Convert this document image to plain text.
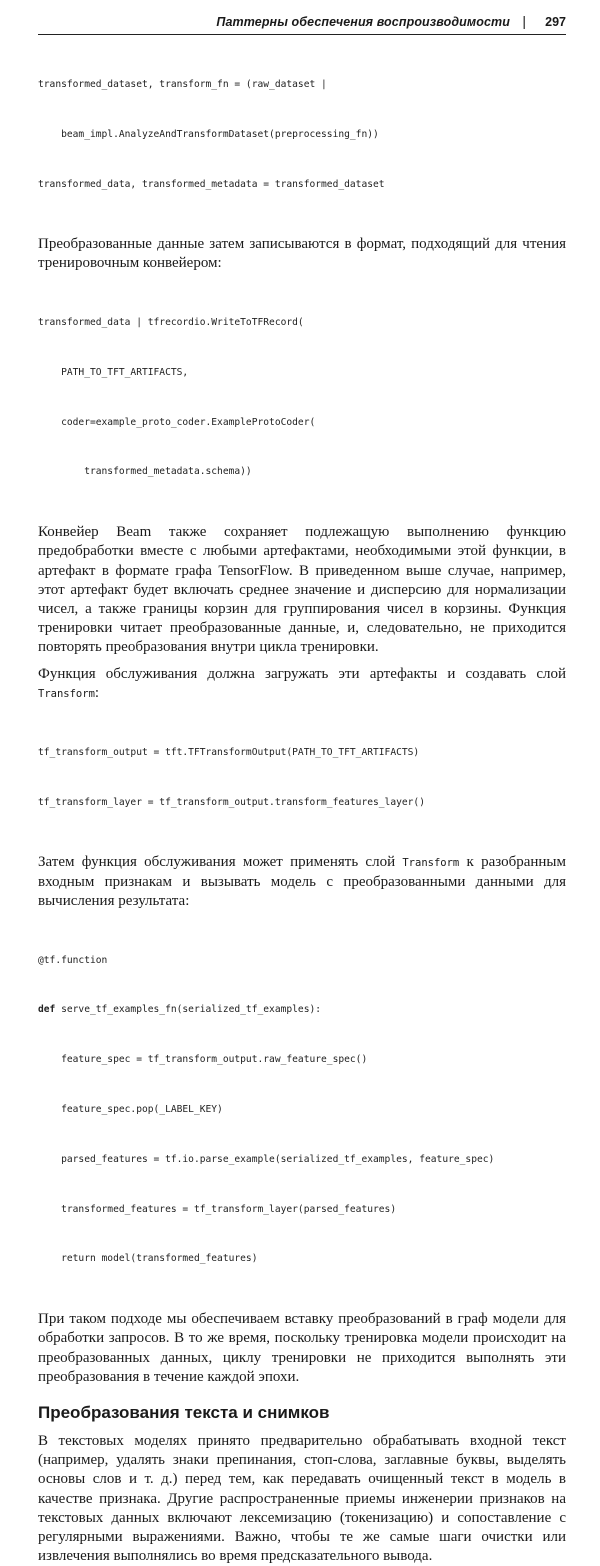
Паттерны обеспечения воспроизводимости | 297

transformed_dataset, transform_fn = (raw_dataset |

beam_impl.AnalyzeAndTransformDataset(preprocessing_fn))

transformed_data, transformed_metadata = transformed_dataset

Преобразованные данные затем записываются в формат, подходящий для чтения тренировочным конвейером:

transformed_data | tfrecordio.WriteToTFRecord(

PATH_TO_TFT_ARTIFACTS,

coder=example_proto_coder.ExampleProtoCoder(

transformed_metadata.schema))

Конвейер Beam также сохраняет подлежащую выполнению функцию предобработки вместе с любыми артефактами, необходимыми этой функции, в артефакт в формате графа TensorFlow. В приведенном выше случае, например, этот артефакт будет включать среднее значение и дисперсию для нормализации чисел, а также границы корзин для группирования чисел в корзины. Функция тренировки читает преобразованные данные, и, следовательно, не приходится повторять преобразования внутри цикла тренировки.

Функция обслуживания должна загружать эти артефакты и создавать слой Transform:

tf_transform_output = tft.TFTransformOutput(PATH_TO_TFT_ARTIFACTS)

tf_transform_layer = tf_transform_output.transform_features_layer()

Затем функция обслуживания может применять слой Transform к разобранным входным признакам и вызывать модель с преобразованными данными для вычисления результата:

@tf.function

def serve_tf_examples_fn(serialized_tf_examples):

feature_spec = tf_transform_output.raw_feature_spec()

feature_spec.pop(_LABEL_KEY)

parsed_features = tf.io.parse_example(serialized_tf_examples, feature_spec)

transformed_features = tf_transform_layer(parsed_features)

return model(transformed_features)

При таком подходе мы обеспечиваем вставку преобразований в граф модели для обработки запросов. В то же время, поскольку тренировка модели происходит на преобразованных данных, циклу тренировки не приходится выполнять эти преобразования в течение каждой эпохи.

Преобразования текста и снимков

В текстовых моделях принято предварительно обрабатывать входной текст (например, удалять знаки препинания, стоп-слова, заглавные буквы, выделять основы слов и т. д.) перед тем, как передавать очищенный текст в модель в качестве признака. Другие распространенные приемы инженерии признаков на текстовых данных включают лексемизацию (токенизацию) и сопоставление с регулярными выражениями. Важно, чтобы те же самые шаги очистки или извлечения выполнялись во время предсказательного вывода.
